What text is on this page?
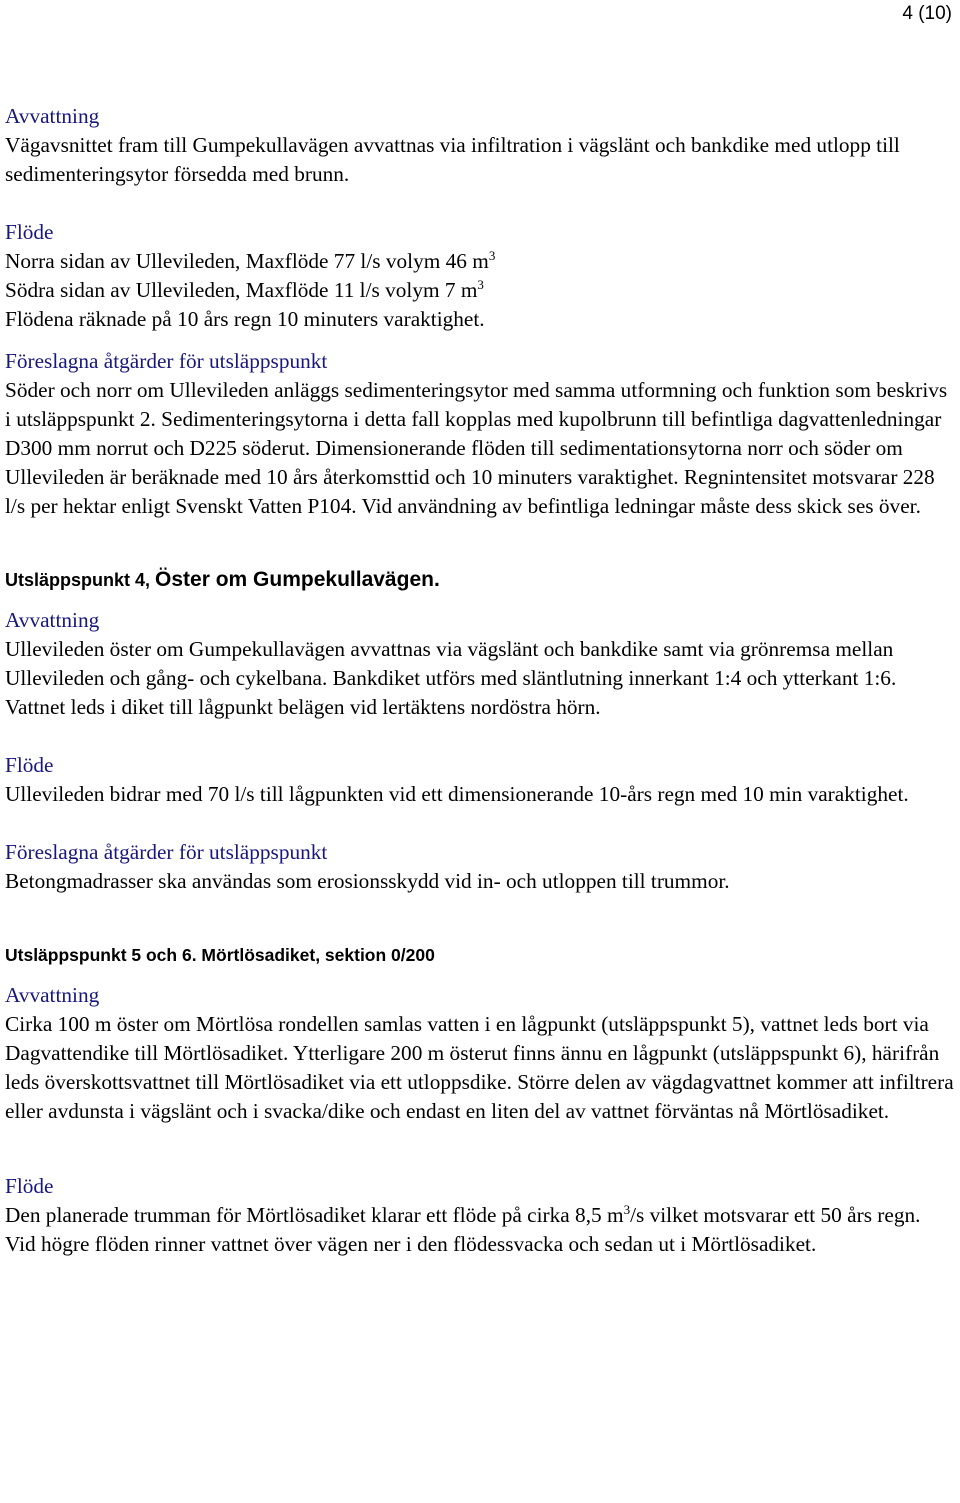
4 (10)
Avvattning

Vägavsnittet fram till Gumpekullavägen avvattnas via infiltration i vägslänt och bankdike med utlopp till sedimenteringsytor försedda med brunn.

Flöde
Norra sidan av Ullevileden, Maxflöde 77 l/s volym 46 $m^3$
Södra sidan av Ullevileden, Maxflöde 11 l/s volym 7 $m^3$
Flödena räknade på 10 års regn 10 minuters varaktighet.
Föreslagna åtgärder för utsläppspunkt

Söder och norr om Ullevileden anläggs sedimenteringsytor med samma utformning och funktion som beskrivs i utsläppspunkt 2. Sedimenteringsytorna i detta fall kopplas med kupolbrunn till befintliga dagvattenledningar D300 mm norrut och D225 söderut. Dimensionerande flöden till sedimentationsytorna norr och söder om Ullevileden är beräknade med 10 års återkomsttid och 10 minuters varaktighet. Regnintensitet motsvarar 228 l/s per hektar enligt Svenskt Vatten P104. Vid användning av befintliga ledningar måste dess skick ses över.

Utsläppspunkt 4, Öster om Gumpekullavägen.
Avvattning

Ullevileden öster om Gumpekullavägen avvattnas via vägslänt och bankdike samt via grönremsa mellan Ullevileden och gång- och cykelbana. Bankdiket utförs med släntlutning innerkant 1:4 och ytterkant 1:6. Vattnet leds i diket till lågpunkt belägen vid lertäktens nordöstra hörn.

Flöde

Ullevileden bidrar med 70 l/s till lågpunkten vid ett dimensionerande 10-års regn med 10 min varaktighet.

Föreslagna åtgärder för utsläppspunkt

Betongmadrasser ska användas som erosionsskydd vid in- och utloppen till trummor.

Utsläppspunkt 5 och 6. Mörtlösadiket, sektion 0/200
Avvattning

Cirka 100 m öster om Mörtlösa rondellen samlas vatten i en lågpunkt (utsläppspunkt 5), vattnet leds bort via Dagvattendike till Mörtlösadiket. Ytterligare 200 m österut finns ännu en lågpunkt (utsläppspunkt 6), härifrån leds överskottsvattnet till Mörtlösadiket via ett utloppsdike. Större delen av vägdagvattnet kommer att infiltrera eller avdunsta i vägslänt och i svacka/dike och endast en liten del av vattnet förväntas nå Mörtlösadiket.

Flöde

Den planerade trumman för Mörtlösadiket klarar ett flöde på cirka 8,5 $m^3/s$ vilket motsvarar ett 50 års regn. Vid högre flöden rinner vattnet över vägen ner i den flödessvacka och sedan ut i Mörtlösadiket.
